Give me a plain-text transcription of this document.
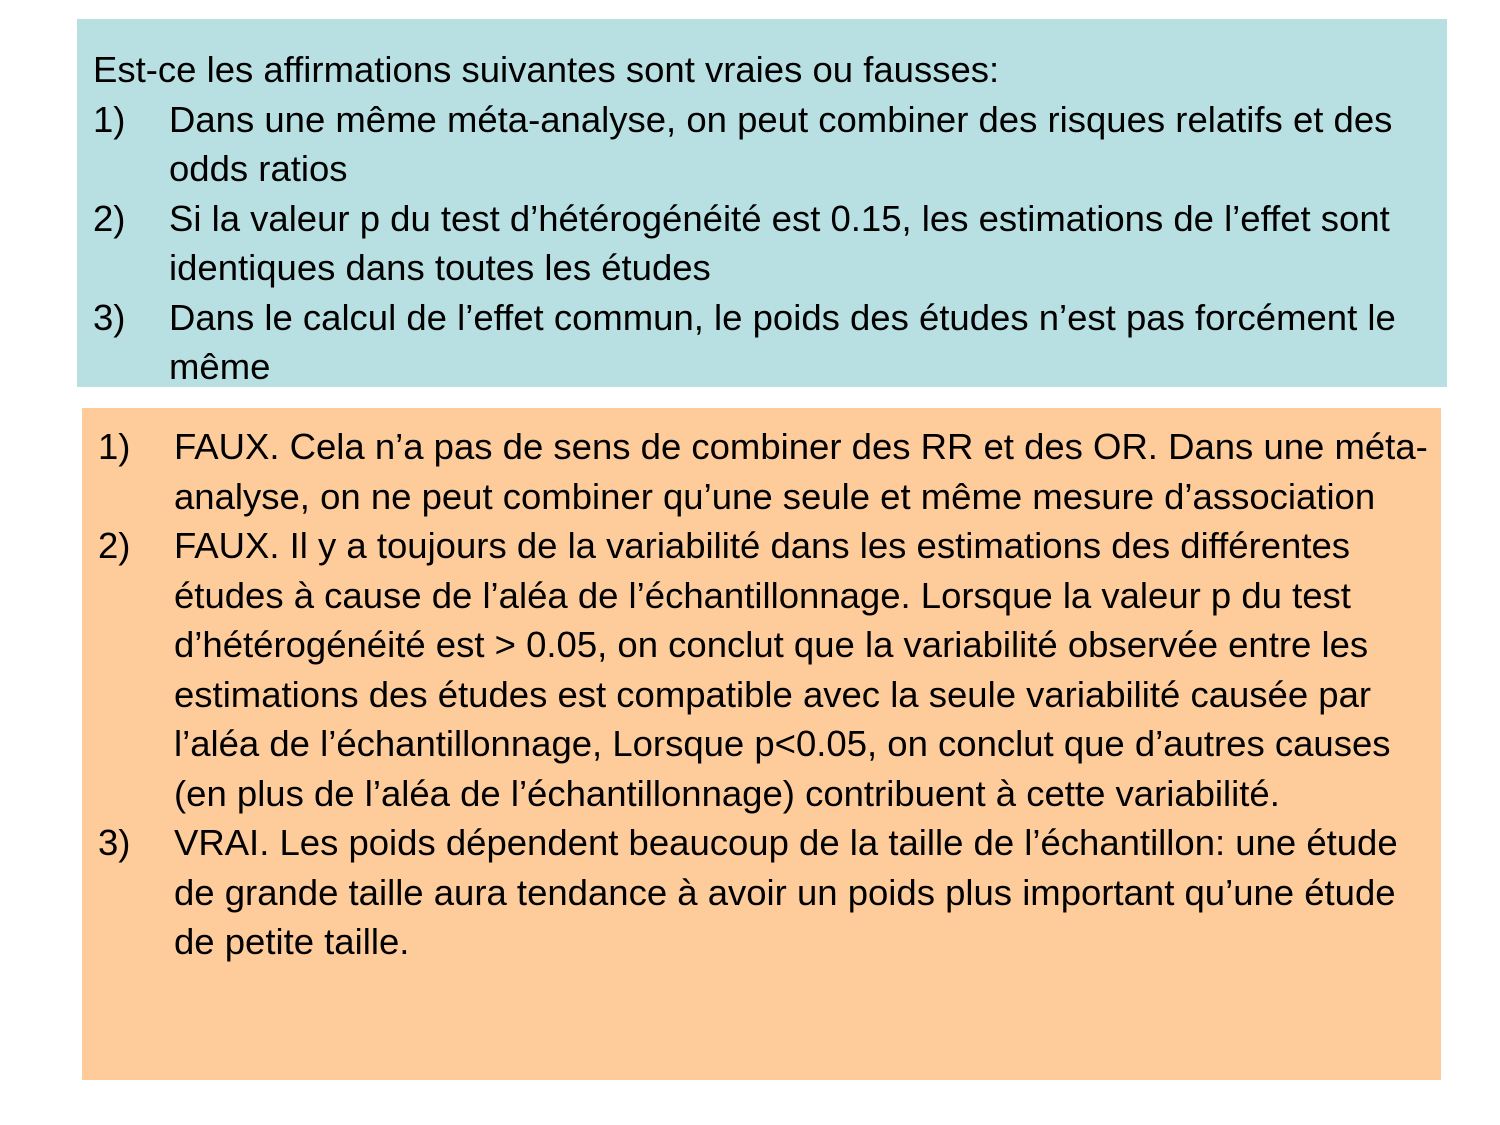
Est-ce les affirmations suivantes sont vraies ou fausses:

1)	Dans une même méta-analyse, on peut combiner des risques relatifs et des odds ratios
2)	Si la valeur p du test d’hétérogénéité est 0.15, les estimations de l’effet sont identiques dans toutes les études
3)	Dans le calcul de l’effet commun, le poids des études n’est pas forcément le même
1)	FAUX. Cela n’a pas de sens de combiner des RR et des OR. Dans une méta-analyse, on ne peut combiner qu’une seule et même mesure d’association
2)	FAUX. Il y a toujours de la variabilité dans les estimations des différentes études à cause de l’aléa de l’échantillonnage. Lorsque la valeur p du test d’hétérogénéité est > 0.05, on conclut que la variabilité observée entre les estimations des études est compatible avec la seule variabilité causée par l’aléa de l’échantillonnage, Lorsque p<0.05, on conclut que d’autres causes (en plus de l’aléa de l’échantillonnage) contribuent à cette variabilité.
3)	VRAI. Les poids dépendent beaucoup de la taille de l’échantillon: une étude de grande taille aura tendance à avoir un poids plus important qu’une étude de petite taille.
